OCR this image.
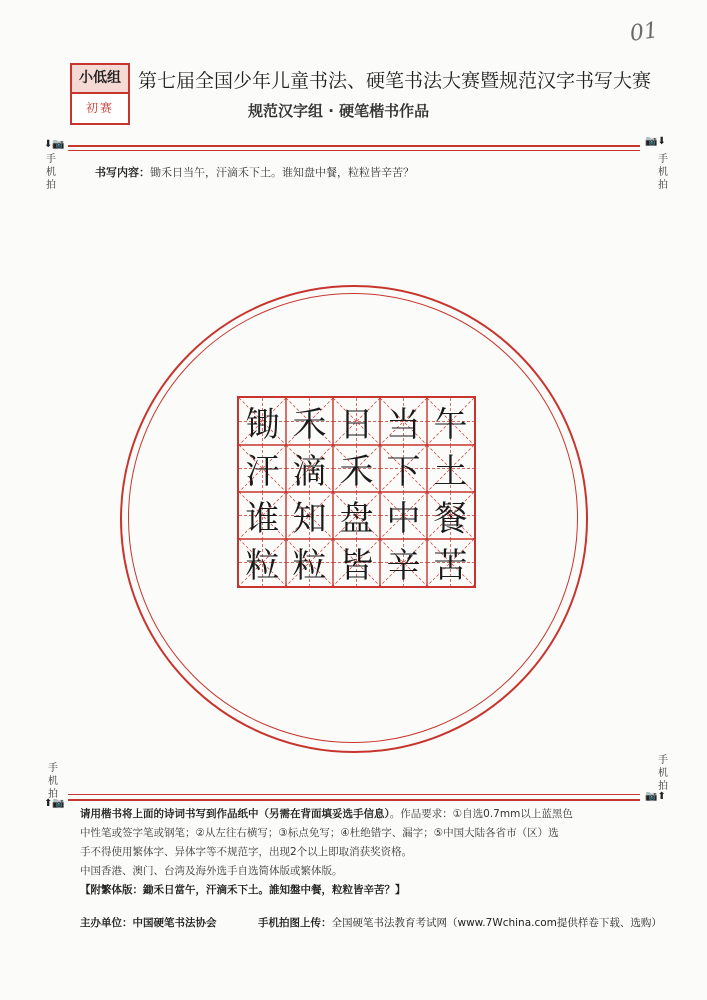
01
小低组
初赛
第七届全国少年儿童书法、硬笔书法大赛暨规范汉字书写大赛
规范汉字组 · 硬笔楷书作品
⬇📷
手机拍
📷⬇
手机拍
书写内容：锄禾日当午，汗滴禾下土。谁知盘中餐，粒粒皆辛苦？
锄 禾 日 当 午
汗 滴 禾 下 土
谁 知 盘 中 餐
粒 粒 皆 辛 苦
手机拍
⬆📷
手机拍
📷⬆
请用楷书将上面的诗词书写到作品纸中（另需在背面填妥选手信息）。作品要求：①自选0.7mm以上蓝黑色
中性笔或签字笔或钢笔；②从左往右横写；③标点免写；④杜绝错字、漏字；⑤中国大陆各省市（区）选
手不得使用繁体字、异体字等不规范字，出现2个以上即取消获奖资格。
中国香港、澳门、台湾及海外选手自选简体版或繁体版。
【附繁体版：鋤禾日當午，汗滴禾下土。誰知盤中餐，粒粒皆辛苦？】
主办单位：中国硬笔书法协会	手机拍图上传：全国硬笔书法教育考试网（www.7Wchina.com提供样卷下载、选购）
